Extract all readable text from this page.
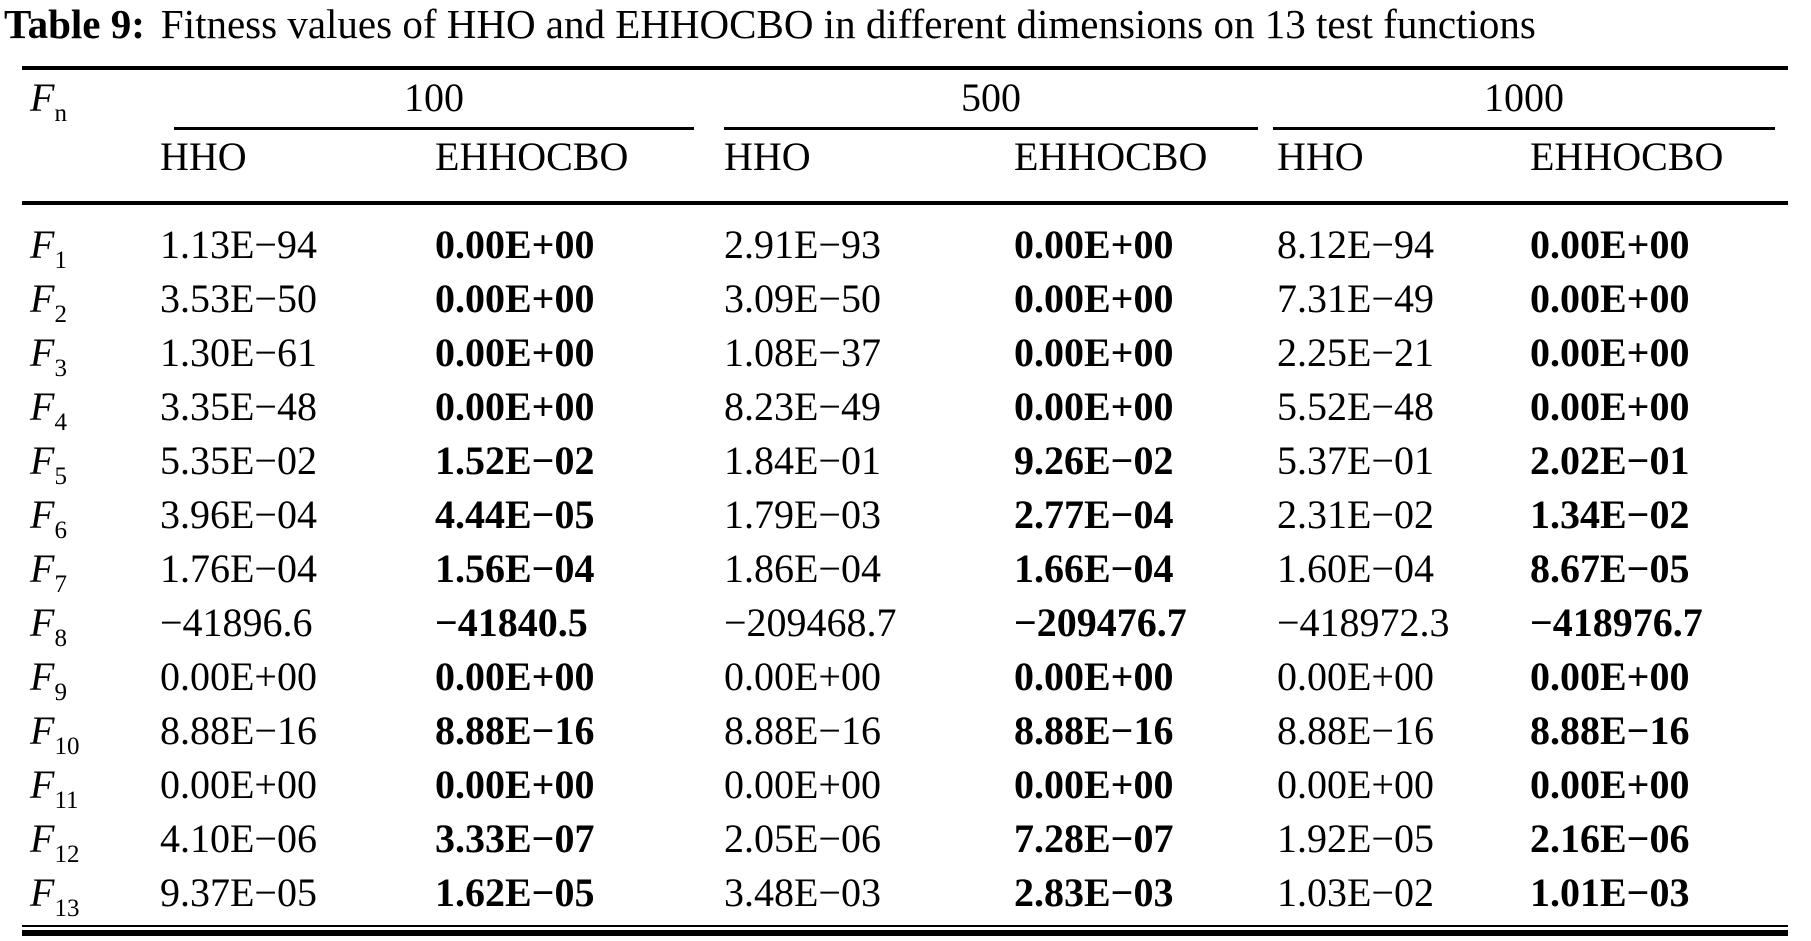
Table 9: Fitness values of HHO and EHHOCBO in different dimensions on 13 test functions
$F_n$	100	500	1000
HHO	EHHOCBO	HHO	EHHOCBO	HHO	EHHOCBO
$F_1$	1.13E−94	0.00E+00	2.91E−93	0.00E+00	8.12E−94	0.00E+00
$F_2$	3.53E−50	0.00E+00	3.09E−50	0.00E+00	7.31E−49	0.00E+00
$F_3$	1.30E−61	0.00E+00	1.08E−37	0.00E+00	2.25E−21	0.00E+00
$F_4$	3.35E−48	0.00E+00	8.23E−49	0.00E+00	5.52E−48	0.00E+00
$F_5$	5.35E−02	1.52E−02	1.84E−01	9.26E−02	5.37E−01	2.02E−01
$F_6$	3.96E−04	4.44E−05	1.79E−03	2.77E−04	2.31E−02	1.34E−02
$F_7$	1.76E−04	1.56E−04	1.86E−04	1.66E−04	1.60E−04	8.67E−05
$F_8$	−41896.6	−41840.5	−209468.7	−209476.7	−418972.3	−418976.7
$F_9$	0.00E+00	0.00E+00	0.00E+00	0.00E+00	0.00E+00	0.00E+00
$F_{10}$	8.88E−16	8.88E−16	8.88E−16	8.88E−16	8.88E−16	8.88E−16
$F_{11}$	0.00E+00	0.00E+00	0.00E+00	0.00E+00	0.00E+00	0.00E+00
$F_{12}$	4.10E−06	3.33E−07	2.05E−06	7.28E−07	1.92E−05	2.16E−06
$F_{13}$	9.37E−05	1.62E−05	3.48E−03	2.83E−03	1.03E−02	1.01E−03
